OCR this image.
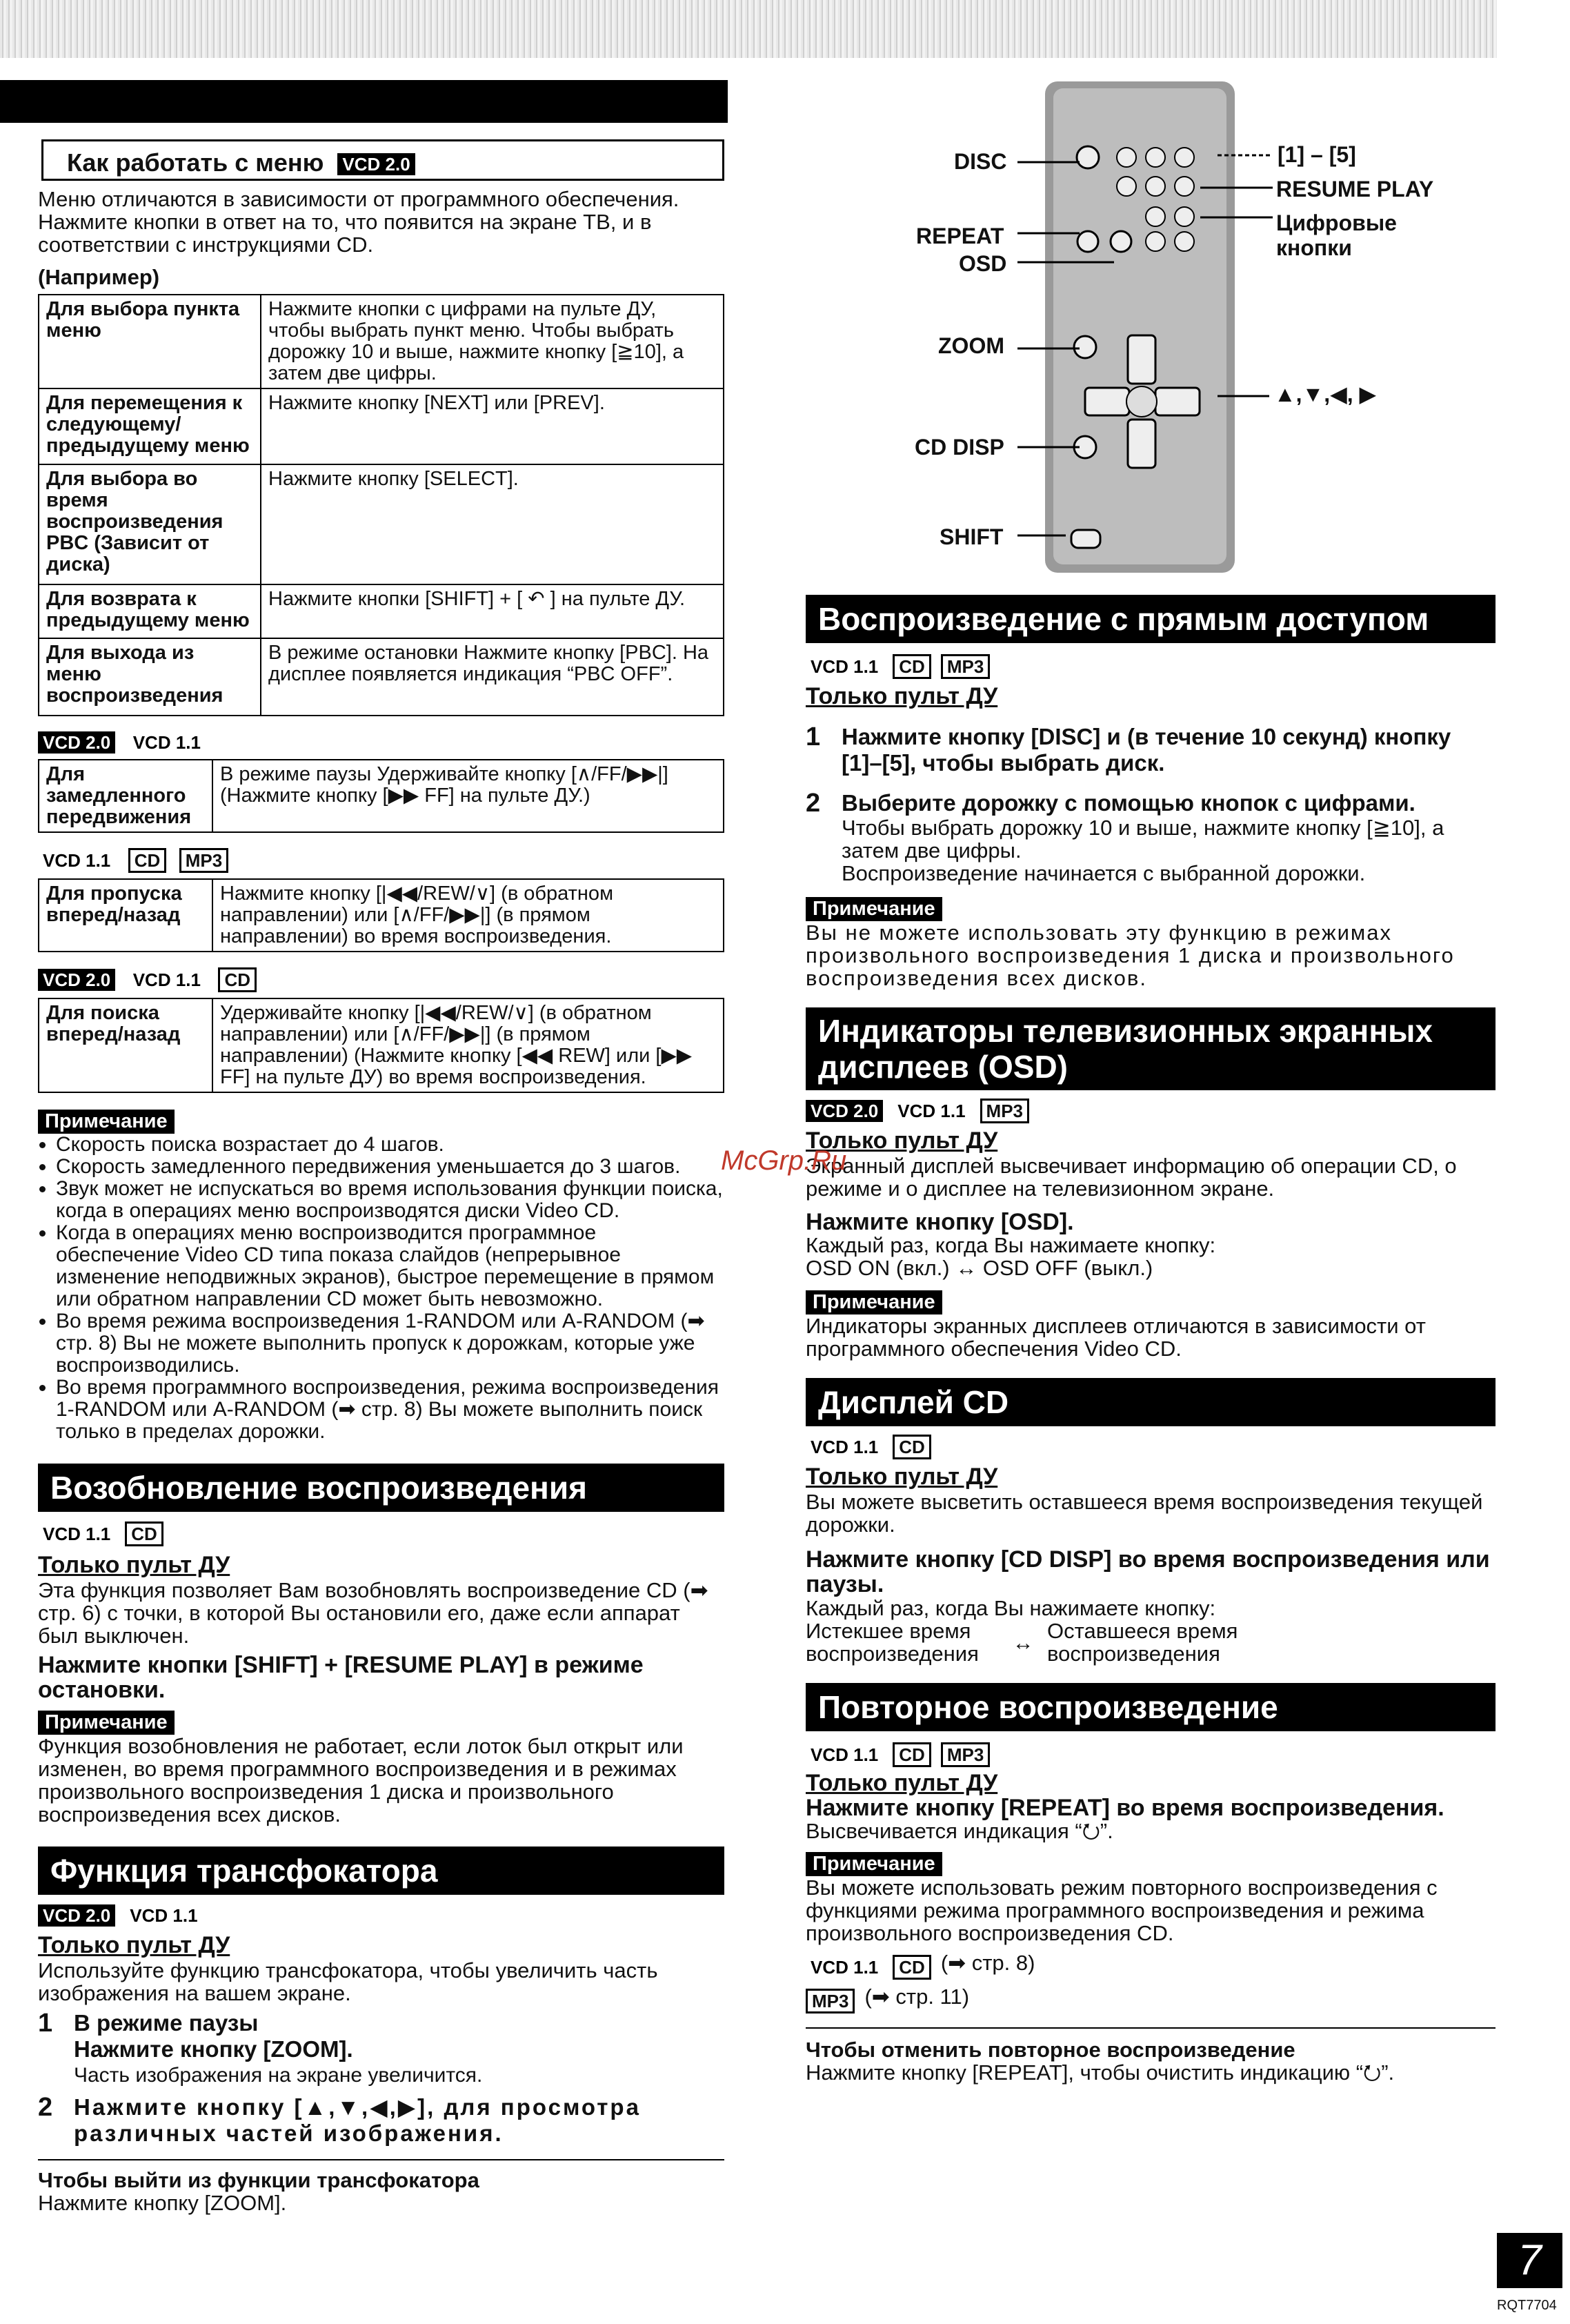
Как работать с меню VCD 2.0

Меню отличаются в зависимости от программного обеспечения. Нажмите кнопки в ответ на то, что появится на экране ТВ, и в соответствии с инструкциями CD.

(Например)

Для выбора пункта меню	Нажмите кнопки с цифрами на пульте ДУ, чтобы выбрать пункт меню. Чтобы выбрать дорожку 10 и выше, нажмите кнопку [≧10], а затем две цифры.
Для перемещения к следующему/ предыдущему меню	Нажмите кнопку [NEXT] или [PREV].
Для выбора во время воспроизведения PBC (Зависит от диска)	Нажмите кнопку [SELECT].
Для возврата к предыдущему меню	Нажмите кнопки [SHIFT] + [ ↶ ] на пульте ДУ.
Для выхода из меню воспроизведения	В режиме остановки Нажмите кнопку [PBC]. На дисплее появляется индикация “PBC OFF”.
VCD 2.0 VCD 1.1
Для замедленного передвижения	В режиме паузы Удерживайте кнопку [∧/FF/▶▶|] (Нажмите кнопку [▶▶ FF] на пульте ДУ.)
VCD 1.1 CD MP3
Для пропуска вперед/назад	Нажмите кнопку [|◀◀/REW/∨] (в обратном направлении) или [∧/FF/▶▶|] (в прямом направлении) во время воспроизведения.
VCD 2.0 VCD 1.1 CD
Для поиска вперед/назад	Удерживайте кнопку [|◀◀/REW/∨] (в обратном направлении) или [∧/FF/▶▶|] (в прямом направлении) (Нажмите кнопку [◀◀ REW] или [▶▶ FF] на пульте ДУ) во время воспроизведения.
Примечание
• Скорость поиска возрастает до 4 шагов.
• Скорость замедленного передвижения уменьшается до 3 шагов.
• Звук может не испускаться во время использования функции поиска, когда в операциях меню воспроизводятся диски Video CD.
• Когда в операциях меню воспроизводится программное обеспечение Video CD типа показа слайдов (непрерывное изменение неподвижных экранов), быстрое перемещение в прямом или обратном направлении CD может быть невозможно.
• Во время режима воспроизведения 1-RANDOM или A-RANDOM (➡ стр. 8) Вы не можете выполнить пропуск к дорожкам, которые уже воспроизводились.
• Во время программного воспроизведения, режима воспроизведения 1-RANDOM или A-RANDOM (➡ стр. 8) Вы можете выполнить поиск только в пределах дорожки.
Возобновление воспроизведения
VCD 1.1 CD
Только пульт ДУ

Эта функция позволяет Вам возобновлять воспроизведение CD (➡ стр. 6) с точки, в которой Вы остановили его, даже если аппарат был выключен.

Нажмите кнопки [SHIFT] + [RESUME PLAY] в режиме остановки.

Примечание

Функция возобновления не работает, если лоток был открыт или изменен, во время программного воспроизведения и в режимах произвольного воспроизведения 1 диска и произвольного воспроизведения всех дисков.

Функция трансфокатора
VCD 2.0 VCD 1.1
Только пульт ДУ

Используйте функцию трансфокатора, чтобы увеличить часть изображения на вашем экране.

1 В режиме паузы
Нажмите кнопку [ZOOM].
Часть изображения на экране увеличится.
2 Нажмите кнопку [▲,▼,◀,▶], для просмотра различных частей изображения.
Чтобы выйти из функции трансфокатора
Нажмите кнопку [ZOOM].
DISC	[1] – [5]
RESUME PLAY
REPEAT
OSD
Цифровые кнопки
ZOOM
▲,▼,◀, ▶
CD DISP
SHIFT
Воспроизведение с прямым доступом
VCD 1.1 CD MP3
Только пульт ДУ
1 Нажмите кнопку [DISC] и (в течение 10 секунд) кнопку [1]–[5], чтобы выбрать диск.
2 Выберите дорожку с помощью кнопок с цифрами.
Чтобы выбрать дорожку 10 и выше, нажмите кнопку [≧10], а затем две цифры.
Воспроизведение начинается с выбранной дорожки.
Примечание

Вы не можете использовать эту функцию в режимах произвольного воспроизведения 1 диска и произвольного воспроизведения всех дисков.

Индикаторы телевизионных экранных дисплеев (OSD)
VCD 2.0 VCD 1.1 MP3
Только пульт ДУ

Экранный дисплей высвечивает информацию об операции CD, о режиме и о дисплее на телевизионном экране.

Нажмите кнопку [OSD].

Каждый раз, когда Вы нажимаете кнопку:

OSD ON (вкл.) ↔ OSD OFF (выкл.)

Примечание

Индикаторы экранных дисплеев отличаются в зависимости от программного обеспечения Video CD.

Дисплей CD
VCD 1.1 CD
Только пульт ДУ

Вы можете высветить оставшееся время воспроизведения текущей дорожки.

Нажмите кнопку [CD DISP] во время воспроизведения или паузы.

Каждый раз, когда Вы нажимаете кнопку:

Истекшее время воспроизведения	↔ Оставшееся время воспроизведения
Повторное воспроизведение
VCD 1.1 CD MP3
Только пульт ДУ

Нажмите кнопку [REPEAT] во время воспроизведения.

Высвечивается индикация “⭮”.

Примечание

Вы можете использовать режим повторного воспроизведения с функциями режима программного воспроизведения и режима произвольного воспроизведения CD.

VCD 1.1 CD (➡ стр. 8)
MP3 (➡ стр. 11)
Чтобы отменить повторное воспроизведение
Нажмите кнопку [REPEAT], чтобы очистить индикацию “⭮”.
McGrp.Ru
7
RQT7704
